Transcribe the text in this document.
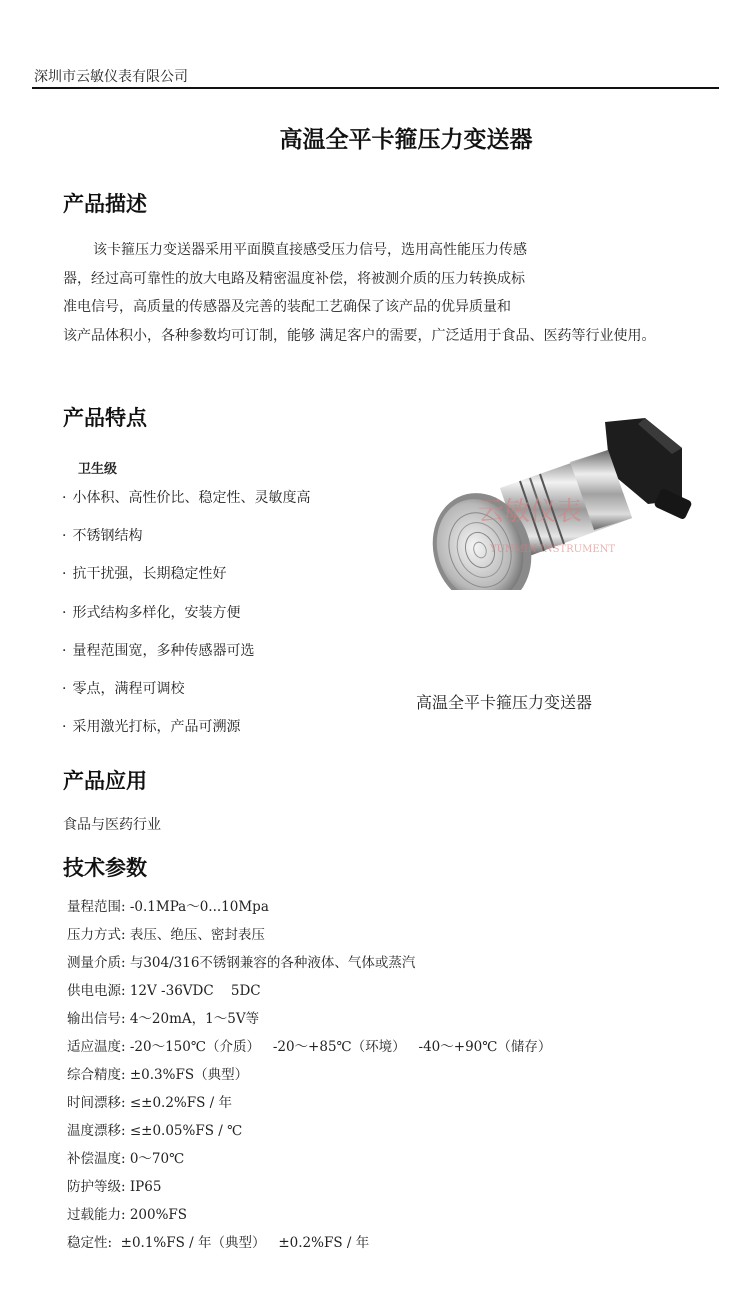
深圳市云敏仪表有限公司
高温全平卡箍压力变送器
产品描述
该卡箍压力变送器采用平面膜直接感受压力信号，选用高性能压力传感
器，经过高可靠性的放大电路及精密温度补偿，将被测介质的压力转换成标
准电信号，高质量的传感器及完善的装配工艺确保了该产品的优异质量和
该产品体积小，各种参数均可订制，能够 满足客户的需要，广泛适用于食品、医药等行业使用。
产品特点
卫生级
· 小体积、高性价比、稳定性、灵敏度高
· 不锈钢结构
· 抗干扰强，长期稳定性好
· 形式结构多样化，安装方便
· 量程范围宽，多种传感器可选
· 零点，满程可调校
· 采用激光打标，产品可溯源
云敏仪表
YUNMIN INSTRUMENT
高温全平卡箍压力变送器
产品应用
食品与医药行业
技术参数
量程范围: -0.1MPa～0...10Mpa
压力方式: 表压、绝压、密封表压
测量介质: 与304/316不锈钢兼容的各种液体、气体或蒸汽
供电电源: 12V -36VDC    5DC
输出信号: 4～20mA，1～5V等
适应温度: -20～150℃（介质）   -20～+85℃（环境）   -40～+90℃（储存）
综合精度: ±0.3%FS（典型）
时间漂移: ≤±0.2%FS / 年
温度漂移: ≤±0.05%FS / ℃
补偿温度: 0～70℃
防护等级: IP65
过载能力: 200%FS
稳定性:  ±0.1%FS / 年（典型）   ±0.2%FS / 年
